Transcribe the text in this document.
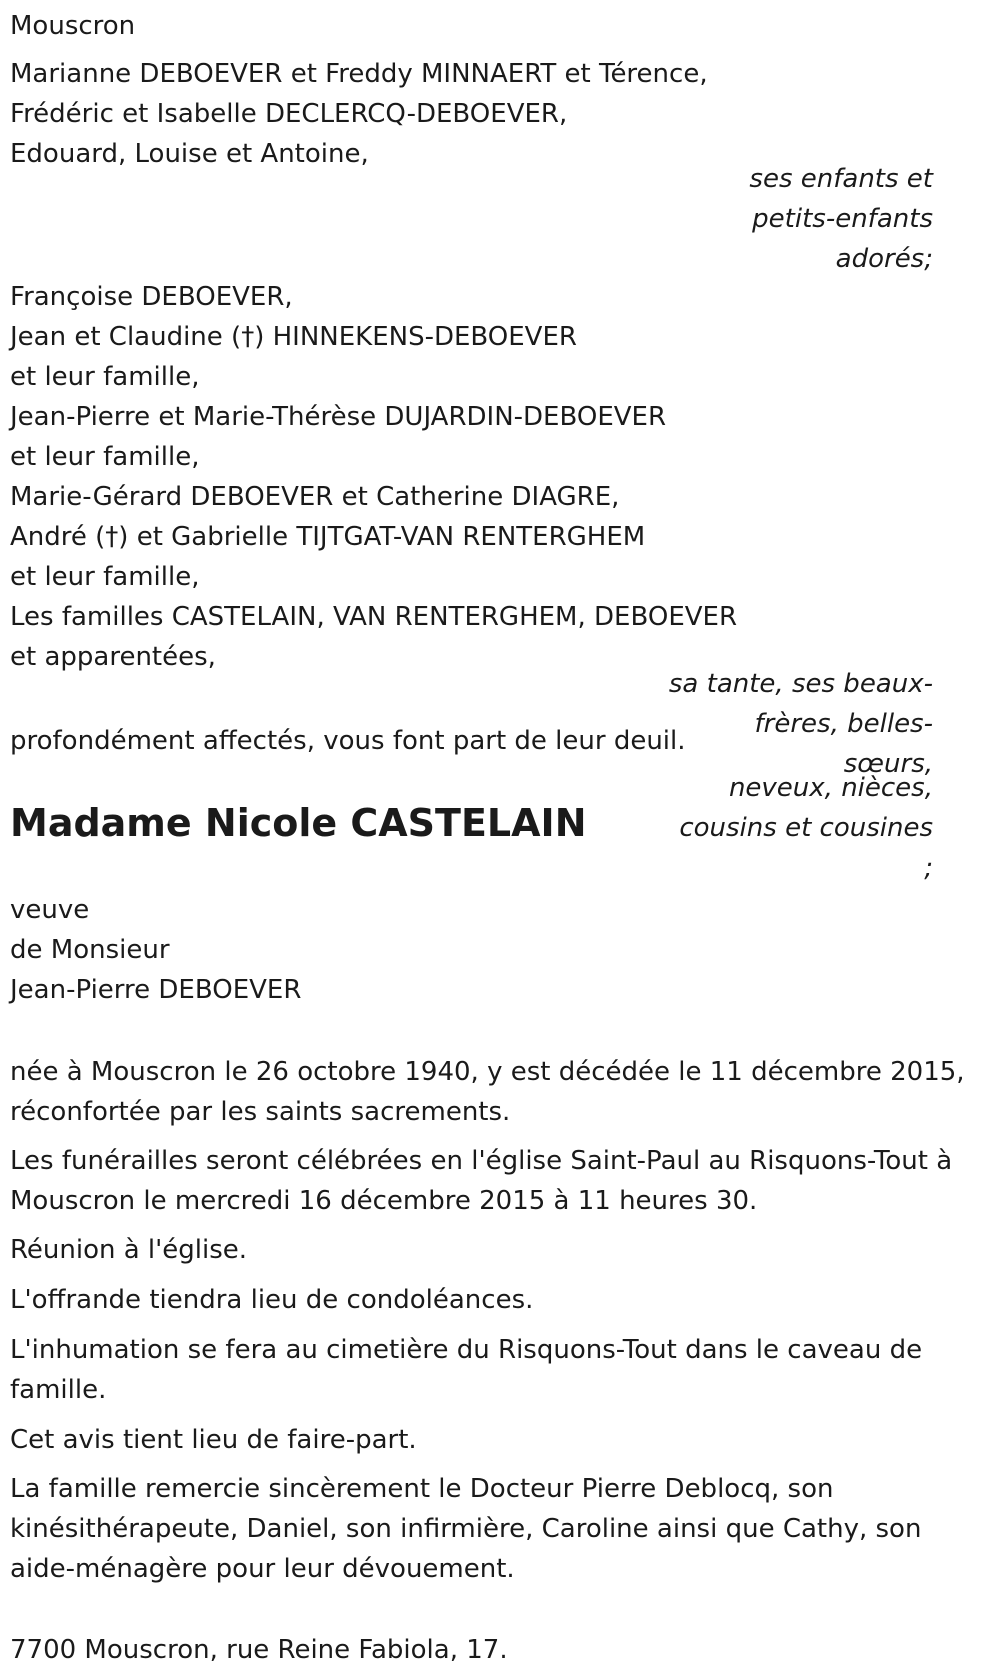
Mouscron

Marianne DEBOEVER et Freddy MINNAERT et Térence,

Frédéric et Isabelle DECLERCQ-DEBOEVER,

Edouard, Louise et Antoine,

ses enfants et
petits-enfants
adorés;

Françoise DEBOEVER,

Jean et Claudine (†) HINNEKENS-DEBOEVER

et leur famille,

Jean-Pierre et Marie-Thérèse DUJARDIN-DEBOEVER

et leur famille,

Marie-Gérard DEBOEVER et Catherine DIAGRE,

André (†) et Gabrielle TIJTGAT-VAN RENTERGHEM

et leur famille,

Les familles CASTELAIN, VAN RENTERGHEM, DEBOEVER

et apparentées,

sa tante, ses beaux-
frères, belles-
sœurs,
neveux, nièces,
cousins et cousines
;

profondément affectés, vous font part de leur deuil.

Madame Nicole CASTELAIN

veuve

de Monsieur

Jean-Pierre DEBOEVER

née à Mouscron le 26 octobre 1940, y est décédée le 11 décembre 2015,

réconfortée par les saints sacrements.

Les funérailles seront célébrées en l'église Saint-Paul au Risquons-Tout à

Mouscron le mercredi 16 décembre 2015 à 11 heures 30.

Réunion à l'église.

L'offrande tiendra lieu de condoléances.

L'inhumation se fera au cimetière du Risquons-Tout dans le caveau de

famille.

Cet avis tient lieu de faire-part.

La famille remercie sincèrement le Docteur Pierre Deblocq, son

kinésithérapeute, Daniel, son infirmière, Caroline ainsi que Cathy, son

aide-ménagère pour leur dévouement.

7700 Mouscron, rue Reine Fabiola, 17.
